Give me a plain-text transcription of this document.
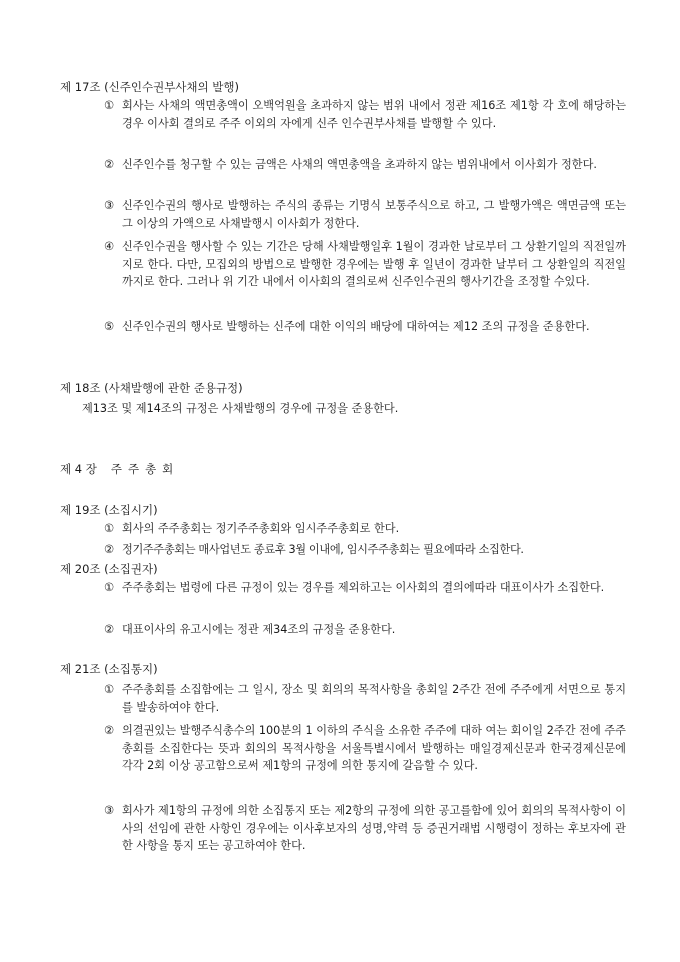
제 17조 (신주인수권부사채의 발행)
① 회사는 사채의 액면총액이 오백억원을 초과하지 않는 범위 내에서 정관 제16조 제1항 각 호에 해당하는 경우 이사회 결의로 주주 이외의 자에게 신주 인수권부사채를 발행할 수 있다.
② 신주인수를 청구할 수 있는 금액은 사채의 액면총액을 초과하지 않는 범위내에서 이사회가 정한다.
③ 신주인수권의 행사로 발행하는 주식의 종류는 기명식 보통주식으로 하고, 그 발행가액은 액면금액 또는 그 이상의 가액으로 사채발행시 이사회가 정한다.
④ 신주인수권을 행사할 수 있는 기간은 당해 사채발행일후 1월이 경과한 날로부터 그 상환기일의 직전일까지로 한다. 다만, 모집외의 방법으로 발행한 경우에는 발행 후 일년이 경과한 날부터 그 상환일의 직전일까지로 한다. 그러나 위 기간 내에서 이사회의 결의로써 신주인수권의 행사기간을 조정할 수있다.
⑤ 신주인수권의 행사로 발행하는 신주에 대한 이익의 배당에 대하여는 제12 조의 규정을 준용한다.
제 18조 (사채발행에 관한 준용규정)
제13조 및 제14조의 규정은 사채발행의 경우에 규정을 준용한다.
제 4 장 주주총회
제 19조 (소집시기)
① 회사의 주주총회는 정기주주총회와 임시주주총회로 한다.
② 정기주주총회는 매사업년도 종료후 3월 이내에, 임시주주총회는 필요에따라 소집한다.
제 20조 (소집권자)
① 주주총회는 법령에 다른 규정이 있는 경우를 제외하고는 이사회의 결의에따라 대표이사가 소집한다.
② 대표이사의 유고시에는 정관 제34조의 규정을 준용한다.
제 21조 (소집통지)
① 주주총회를 소집함에는 그 일시, 장소 및 회의의 목적사항을 총회일 2주간 전에 주주에게 서면으로 통지를 발송하여야 한다.
② 의결권있는 발행주식총수의 100분의 1 이하의 주식을 소유한 주주에 대하 여는 회이일 2주간 전에 주주총회를 소집한다는 뜻과 회의의 목적사항을 서울특별시에서 발행하는 매일경제신문과 한국경제신문에 각각 2회 이상 공고함으로써 제1항의 규정에 의한 통지에 갈음할 수 있다.
③ 회사가 제1항의 규정에 의한 소집통지 또는 제2항의 규정에 의한 공고를함에 있어 회의의 목적사항이 이사의 선임에 관한 사항인 경우에는 이사후보자의 성명,약력 등 증권거래법 시행령이 정하는 후보자에 관한 사항을 통지 또는 공고하여야 한다.
